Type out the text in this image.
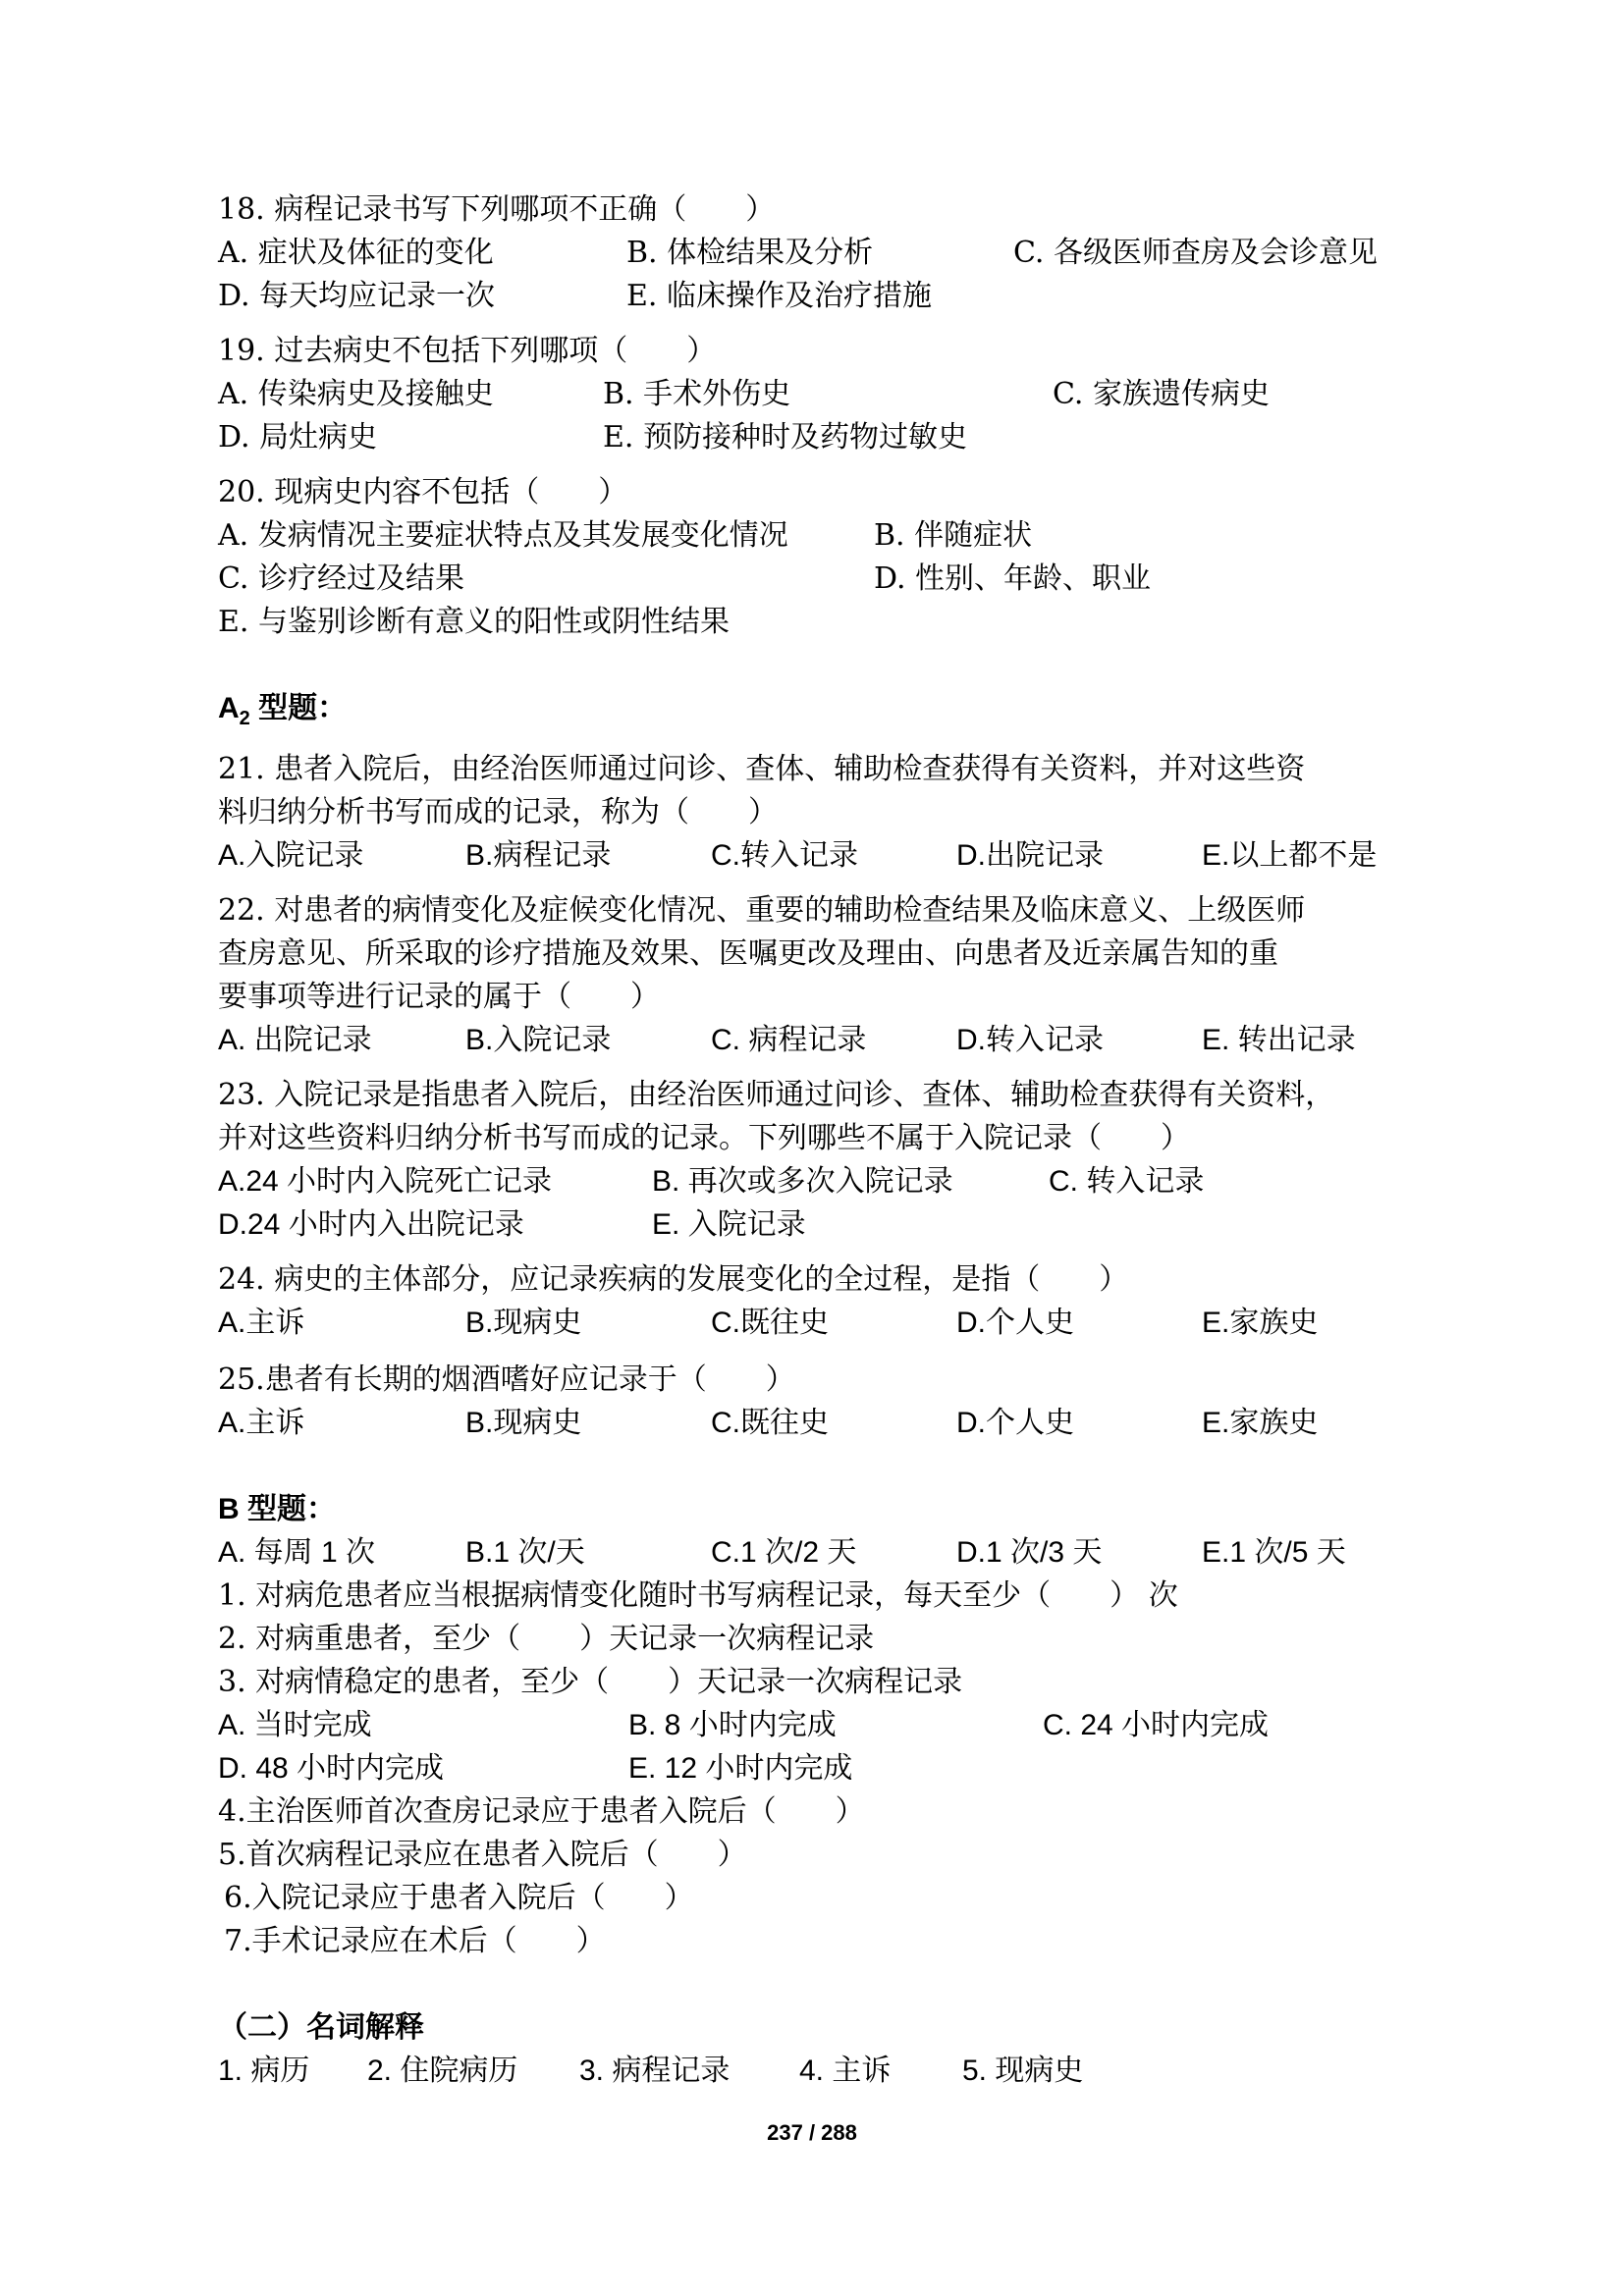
18. 病程记录书写下列哪项不正确（　　）
A. 症状及体征的变化	B. 体检结果及分析	C. 各级医师查房及会诊意见
D. 每天均应记录一次	E. 临床操作及治疗措施
19. 过去病史不包括下列哪项（　　）
A. 传染病史及接触史	B. 手术外伤史	C. 家族遗传病史
D. 局灶病史	E. 预防接种时及药物过敏史
20. 现病史内容不包括（　　）
A. 发病情况主要症状特点及其发展变化情况	B. 伴随症状
C. 诊疗经过及结果	D. 性别、年龄、职业
E. 与鉴别诊断有意义的阳性或阴性结果
$A_2$ 型题：
21. 患者入院后，由经治医师通过问诊、查体、辅助检查获得有关资料，并对这些资
料归纳分析书写而成的记录，称为（　　）
A.入院记录	B.病程记录	C.转入记录	D.出院记录	E.以上都不是
22. 对患者的病情变化及症候变化情况、重要的辅助检查结果及临床意义、上级医师
查房意见、所采取的诊疗措施及效果、医嘱更改及理由、向患者及近亲属告知的重
要事项等进行记录的属于（　　）
A. 出院记录	B.入院记录	C. 病程记录	D.转入记录	E. 转出记录
23. 入院记录是指患者入院后，由经治医师通过问诊、查体、辅助检查获得有关资料，
并对这些资料归纳分析书写而成的记录。下列哪些不属于入院记录（　　）
A.24 小时内入院死亡记录	B. 再次或多次入院记录	C. 转入记录
D.24 小时内入出院记录	E. 入院记录
24. 病史的主体部分，应记录疾病的发展变化的全过程，是指（　　）
A.主诉	B.现病史	C.既往史	D.个人史	E.家族史
25.患者有长期的烟酒嗜好应记录于（　　）
A.主诉	B.现病史	C.既往史	D.个人史	E.家族史
B 型题：
A. 每周 1 次	B.1 次/天	C.1 次/2 天	D.1 次/3 天	E.1 次/5 天
1. 对病危患者应当根据病情变化随时书写病程记录，每天至少（　　） 次
2. 对病重患者，至少（　　）天记录一次病程记录
3. 对病情稳定的患者，至少（　　）天记录一次病程记录
A. 当时完成	B. 8 小时内完成	C. 24 小时内完成
D. 48 小时内完成	E. 12 小时内完成
4.主治医师首次查房记录应于患者入院后（　　）
5.首次病程记录应在患者入院后（　　）
6.入院记录应于患者入院后（　　）
7.手术记录应在术后（　　）
（二）名词解释
1. 病历 2. 住院病历 3. 病程记录 4. 主诉 5. 现病史
237 / 288
